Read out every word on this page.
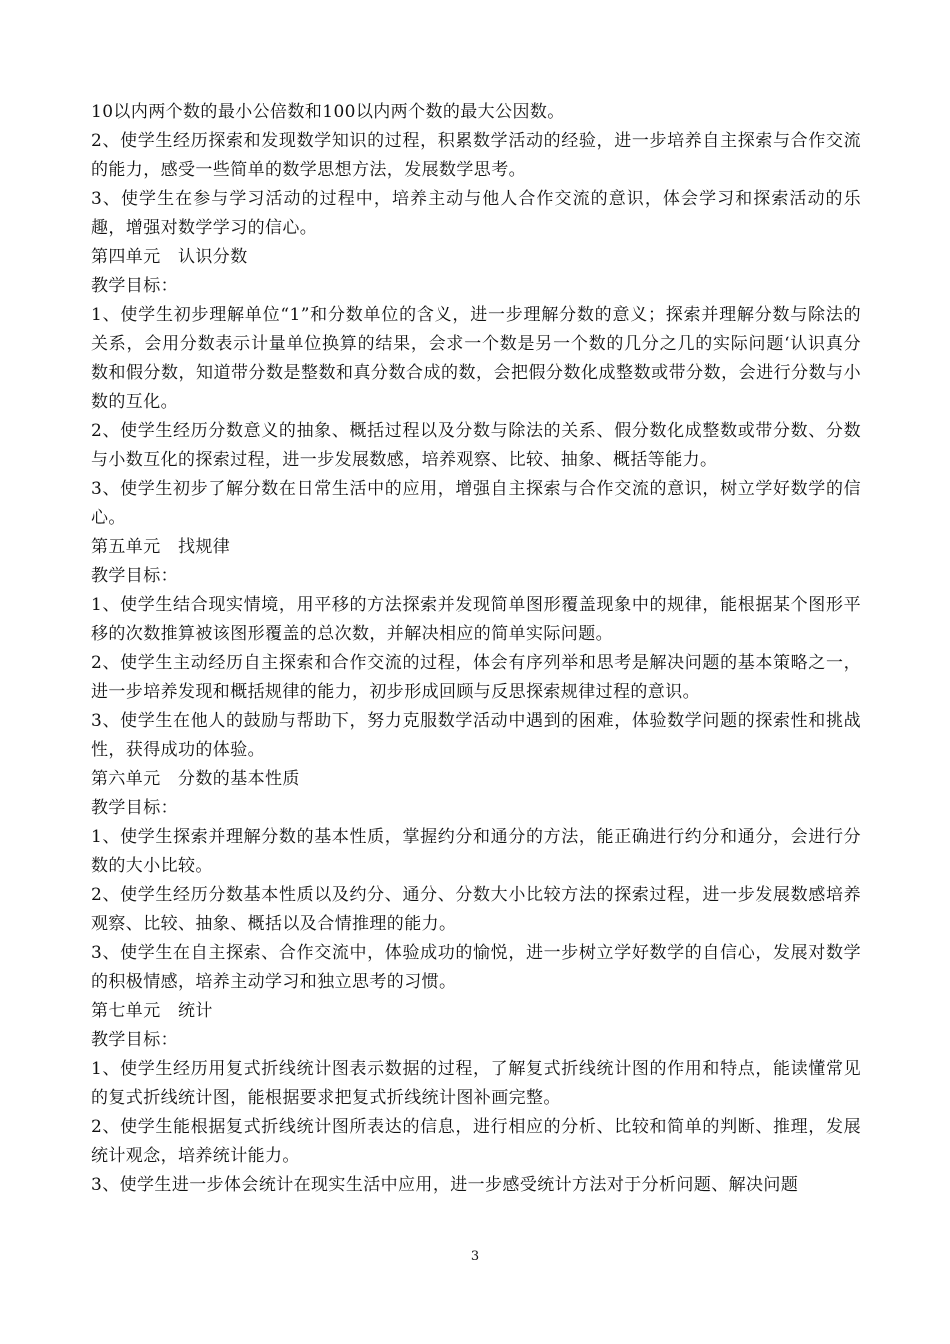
10以内两个数的最小公倍数和100以内两个数的最大公因数。

2、使学生经历探索和发现数学知识的过程，积累数学活动的经验，进一步培养自主探索与合作交流的能力，感受一些简单的数学思想方法，发展数学思考。

3、使学生在参与学习活动的过程中，培养主动与他人合作交流的意识，体会学习和探索活动的乐趣，增强对数学学习的信心。

第四单元　认识分数

教学目标：

1、使学生初步理解单位“1”和分数单位的含义，进一步理解分数的意义；探索并理解分数与除法的关系，会用分数表示计量单位换算的结果，会求一个数是另一个数的几分之几的实际问题‘认识真分数和假分数，知道带分数是整数和真分数合成的数，会把假分数化成整数或带分数，会进行分数与小数的互化。

2、使学生经历分数意义的抽象、概括过程以及分数与除法的关系、假分数化成整数或带分数、分数与小数互化的探索过程，进一步发展数感，培养观察、比较、抽象、概括等能力。

3、使学生初步了解分数在日常生活中的应用，增强自主探索与合作交流的意识，树立学好数学的信心。

第五单元　找规律

教学目标：

1、使学生结合现实情境，用平移的方法探索并发现简单图形覆盖现象中的规律，能根据某个图形平移的次数推算被该图形覆盖的总次数，并解决相应的简单实际问题。

2、使学生主动经历自主探索和合作交流的过程，体会有序列举和思考是解决问题的基本策略之一，进一步培养发现和概括规律的能力，初步形成回顾与反思探索规律过程的意识。

3、使学生在他人的鼓励与帮助下，努力克服数学活动中遇到的困难，体验数学问题的探索性和挑战性，获得成功的体验。

第六单元　分数的基本性质

教学目标：

1、使学生探索并理解分数的基本性质，掌握约分和通分的方法，能正确进行约分和通分，会进行分数的大小比较。

2、使学生经历分数基本性质以及约分、通分、分数大小比较方法的探索过程，进一步发展数感培养观察、比较、抽象、概括以及合情推理的能力。

3、使学生在自主探索、合作交流中，体验成功的愉悦，进一步树立学好数学的自信心，发展对数学的积极情感，培养主动学习和独立思考的习惯。

第七单元　统计

教学目标：

1、使学生经历用复式折线统计图表示数据的过程，了解复式折线统计图的作用和特点，能读懂常见的复式折线统计图，能根据要求把复式折线统计图补画完整。

2、使学生能根据复式折线统计图所表达的信息，进行相应的分析、比较和简单的判断、推理，发展统计观念，培养统计能力。

3、使学生进一步体会统计在现实生活中应用，进一步感受统计方法对于分析问题、解决问题

3
